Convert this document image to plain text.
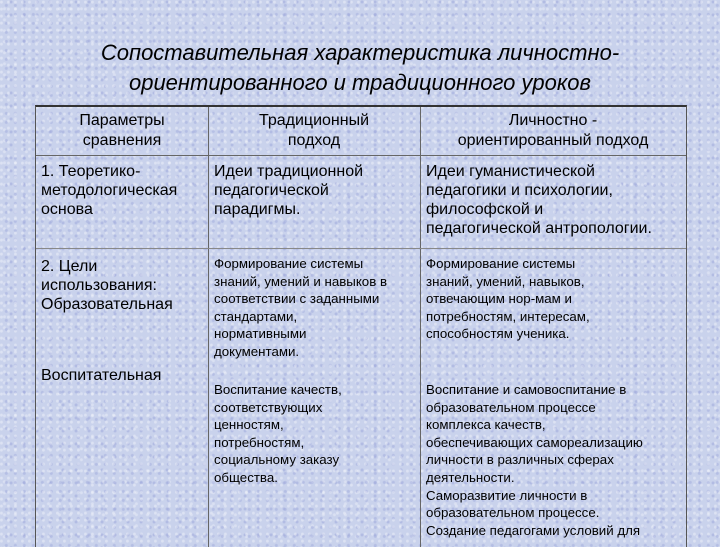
Сопоставительная характеристика личностно-
ориентированного и традиционного уроков
Параметры
сравнения
Традиционный
подход
Личностно -
ориентированный подход
1. Теоретико-
методологическая
основа
Идеи традиционной
педагогической
парадигмы.
Идеи гуманистической
педагогики и психологии,
философской и
педагогической антропологии.
2. Цели
использования:
Образовательная
Воспитательная
Формирование системы
знаний, умений и навыков в
соответствии с заданными
стандартами,
нормативными
документами.
Формирование системы
знаний, умений, навыков,
отвечающим нор-мам и
потребностям, интересам,
способностям ученика.
Воспитание качеств,
соответствующих
ценностям,
потребностям,
социальному заказу
общества.
Воспитание и самовоспитание в
образовательном процессе
комплекса качеств,
обеспечивающих самореализацию
личности в различных сферах
деятельности.
Саморазвитие личности в
образовательном процессе.
Создание педагогами условий для
